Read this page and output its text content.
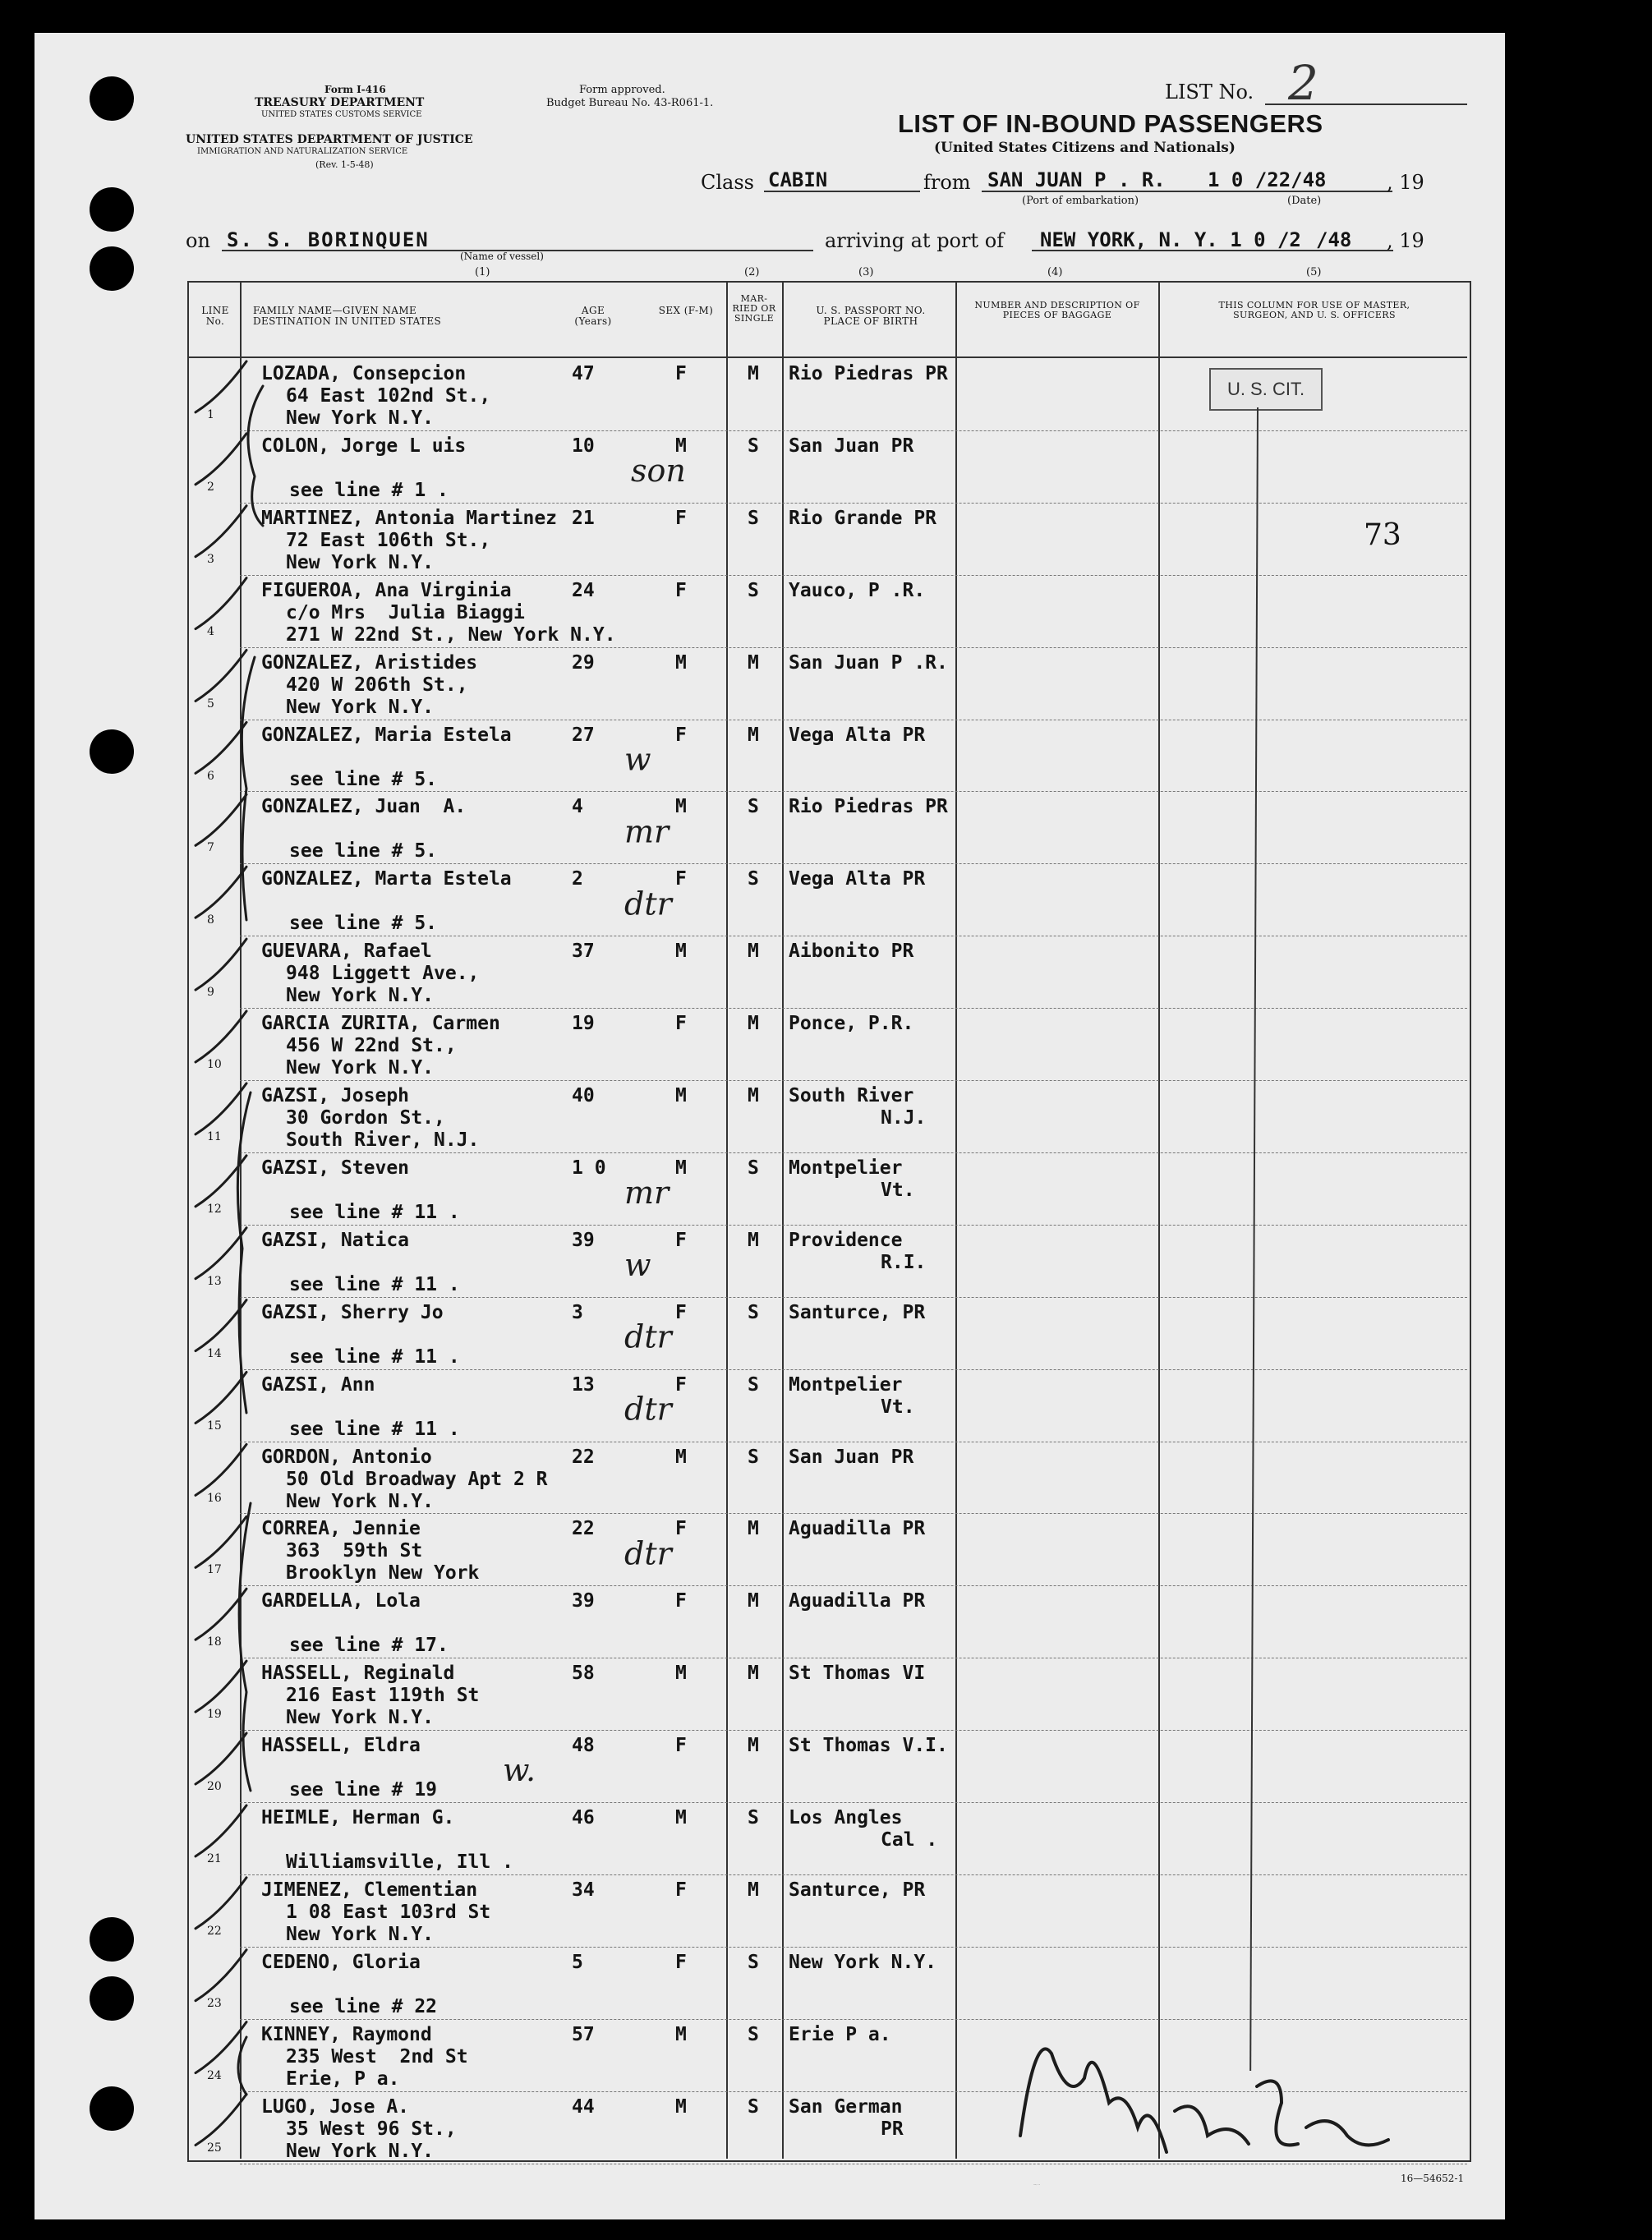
Form I-416
TREASURY DEPARTMENT
UNITED STATES CUSTOMS SERVICE
UNITED STATES DEPARTMENT OF JUSTICE
IMMIGRATION AND NATURALIZATION SERVICE
(Rev. 1-5-48)
Form approved.
Budget Bureau No. 43-R061-1.	LIST No. 2
LIST OF IN-BOUND PASSENGERS
(United States Citizens and Nationals)
Class CABIN	from SAN JUAN P . R. 1 0 /22/48	, 19
(Port of embarkation)	(Date)
on S. S. BORINQUEN
(Name of vessel)
arriving at port of NEW YORK, N. Y. 1 0 /2 /48 , 19
(1)	(2)	(3)	(4)	(5)
LINE No.
FAMILY NAME—GIVEN NAME DESTINATION IN UNITED STATES
AGE (Years)
SEX (F-M)
MAR-RIED OR SINGLE
U. S. PASSPORT NO. PLACE OF BIRTH
NUMBER AND DESCRIPTION OF PIECES OF BAGGAGE
THIS COLUMN FOR USE OF MASTER, SURGEON, AND U. S. OFFICERS
1
LOZADA, Consepcion
64 East 102nd St.,
New York N.Y.
47	F	M Rio Piedras PR
2
COLON, Jorge L uis
see line # 1 .
10	M	S San Juan PR
3
MARTINEZ, Antonia Martinez
72 East 106th St.,
New York N.Y.
21	F	S Rio Grande PR
4
FIGUEROA, Ana Virginia
c/o Mrs  Julia Biaggi
271 W 22nd St., New York N.Y.
24	F	S Yauco, P .R.
5
GONZALEZ, Aristides
420 W 206th St.,
New York N.Y.
29	M	M San Juan P .R.
6
GONZALEZ, Maria Estela
see line # 5.
27	F	M Vega Alta PR
7
GONZALEZ, Juan  A.
see line # 5.
4	M	S Rio Piedras PR
8
GONZALEZ, Marta Estela
see line # 5.
2	F	S Vega Alta PR
9
GUEVARA, Rafael
948 Liggett Ave.,
New York N.Y.
37	M	M Aibonito PR
10
GARCIA ZURITA, Carmen
456 W 22nd St.,
New York N.Y.
19	F	M Ponce, P.R.
11
GAZSI, Joseph
30 Gordon St.,
South River, N.J.
40	M	M South River
N.J.
12
GAZSI, Steven
see line # 11 .
1 0	M	S Montpelier
Vt.
13
GAZSI, Natica
see line # 11 .
39	F	M Providence
R.I.
14
GAZSI, Sherry Jo
see line # 11 .
3	F	S Santurce, PR
15
GAZSI, Ann
see line # 11 .
13	F	S Montpelier
Vt.
16
GORDON, Antonio
50 Old Broadway Apt 2 R
New York N.Y.
22	M	S San Juan PR
17
CORREA, Jennie
363  59th St
Brooklyn New York
22	F	M Aguadilla PR
18
GARDELLA, Lola
see line # 17.
39	F	M Aguadilla PR
19
HASSELL, Reginald
216 East 119th St
New York N.Y.
58	M	M St Thomas VI
20
HASSELL, Eldra
see line # 19
48	F	M St Thomas V.I.
21
HEIMLE, Herman G.
Williamsville, Ill .
46	M	S Los Angles
Cal .
22
JIMENEZ, Clementian
1 08 East 103rd St
New York N.Y.
34	F	M Santurce, PR
23
CEDENO, Gloria
see line # 22
5	F	S New York N.Y.
24
KINNEY, Raymond
235 West  2nd St
Erie, P a.
57	M	S Erie P a.
25
LUGO, Jose A.
35 West 96 St.,
New York N.Y.
44	M	S San German
PR
U. S. CIT.
73
16—54652-1
son
w
mr
dtr
mr
w
dtr
dtr
dtr
w.
Ireland, J. J. Pm
